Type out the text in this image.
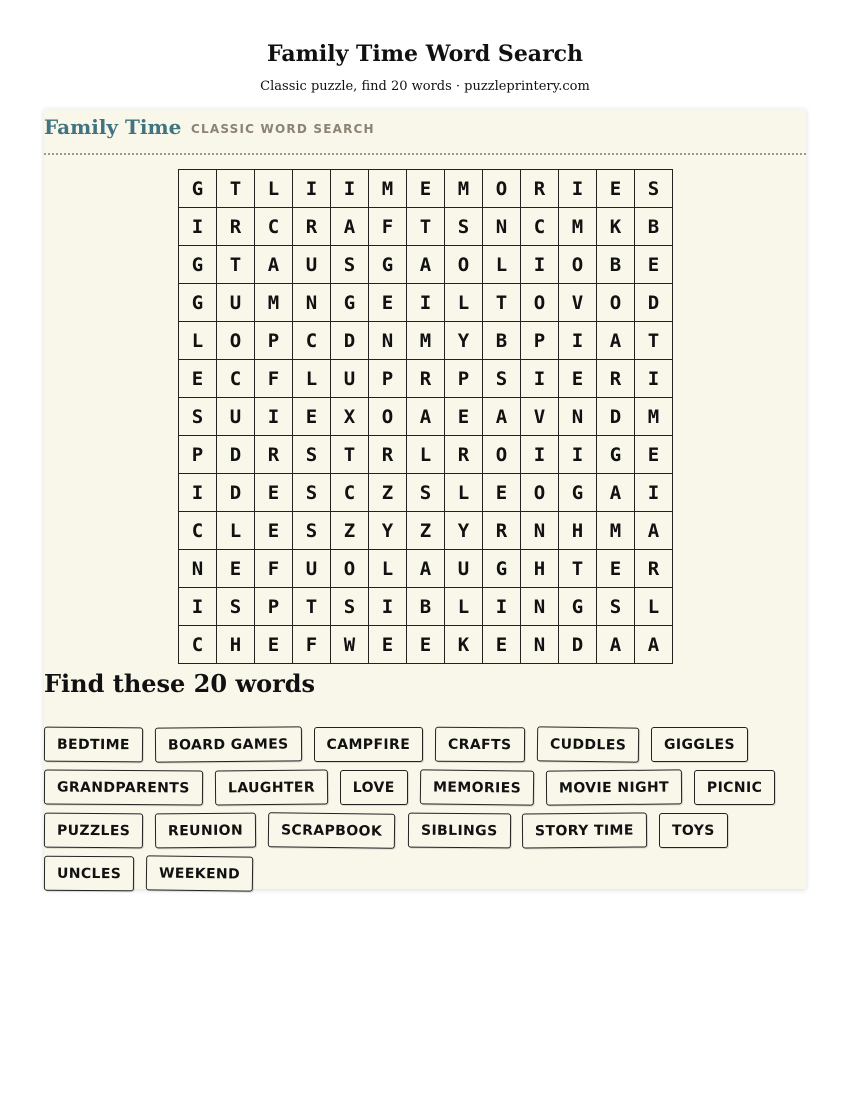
Family Time Word Search
Classic puzzle, find 20 words · puzzleprintery.com
Family Time CLASSIC WORD SEARCH
G	T	L	I	I	M	E	M	O	R	I	E	S
I	R	C	R	A	F	T	S	N	C	M	K	B
G	T	A	U	S	G	A	O	L	I	O	B	E
G	U	M	N	G	E	I	L	T	O	V	O	D
L	O	P	C	D	N	M	Y	B	P	I	A	T
E	C	F	L	U	P	R	P	S	I	E	R	I
S	U	I	E	X	O	A	E	A	V	N	D	M
P	D	R	S	T	R	L	R	O	I	I	G	E
I	D	E	S	C	Z	S	L	E	O	G	A	I
C	L	E	S	Z	Y	Z	Y	R	N	H	M	A
N	E	F	U	O	L	A	U	G	H	T	E	R
I	S	P	T	S	I	B	L	I	N	G	S	L
C	H	E	F	W	E	E	K	E	N	D	A	A
Find these 20 words
BEDTIME	BOARD GAMES	CAMPFIRE	CRAFTS	CUDDLES	GIGGLES
GRANDPARENTS	LAUGHTER	LOVE	MEMORIES	MOVIE NIGHT	PICNIC
PUZZLES	REUNION	SCRAPBOOK	SIBLINGS	STORY TIME	TOYS
UNCLES	WEEKEND
